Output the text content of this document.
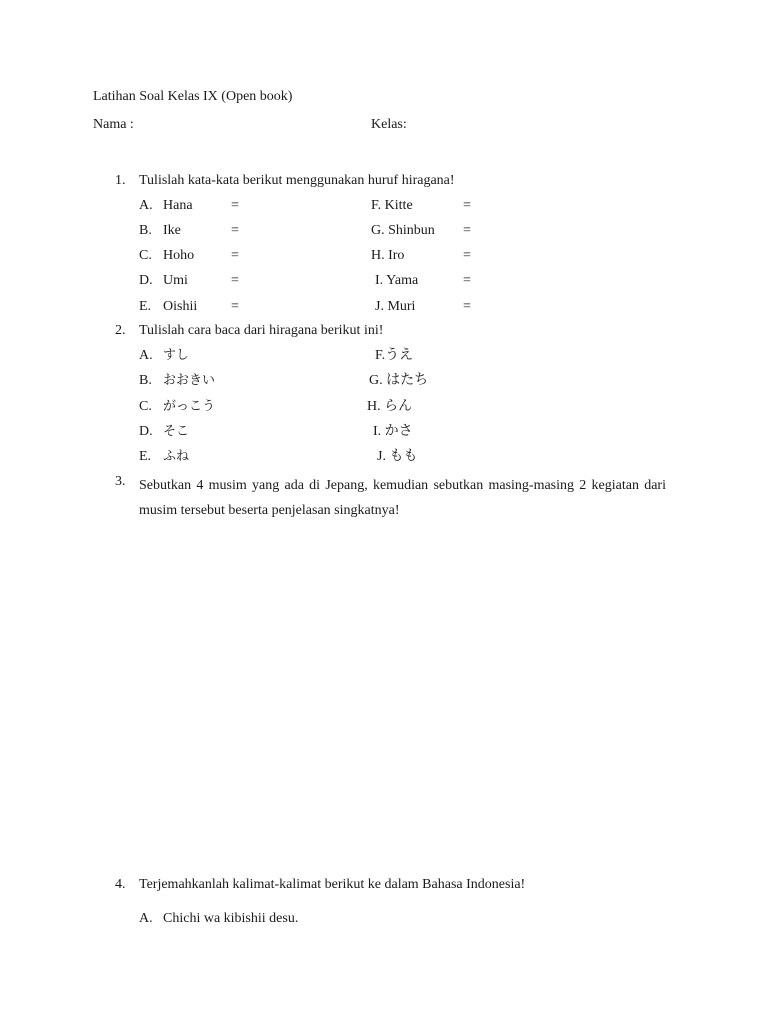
Latihan Soal Kelas IX (Open book)
Nama :	Kelas:
1. Tulislah kata-kata berikut menggunakan huruf hiragana!
A. Hana	=	F. Kitte	=
B. Ike	=	G. Shinbun =
C. Hoho	=	H. Iro	=
D. Umi	=	I. Yama	=
E. Oishii =	J. Muri	=
2. Tulislah cara baca dari hiragana berikut ini!
A. すし	F.うえ
B. おおきい	G. はたち
C. がっこう	H. らん
D. そこ	I. かさ
E. ふね	J. もも
3. Sebutkan 4 musim yang ada di Jepang, kemudian sebutkan masing-masing 2 kegiatan dari musim tersebut beserta penjelasan singkatnya!
4. Terjemahkanlah kalimat-kalimat berikut ke dalam Bahasa Indonesia!
A. Chichi wa kibishii desu.
